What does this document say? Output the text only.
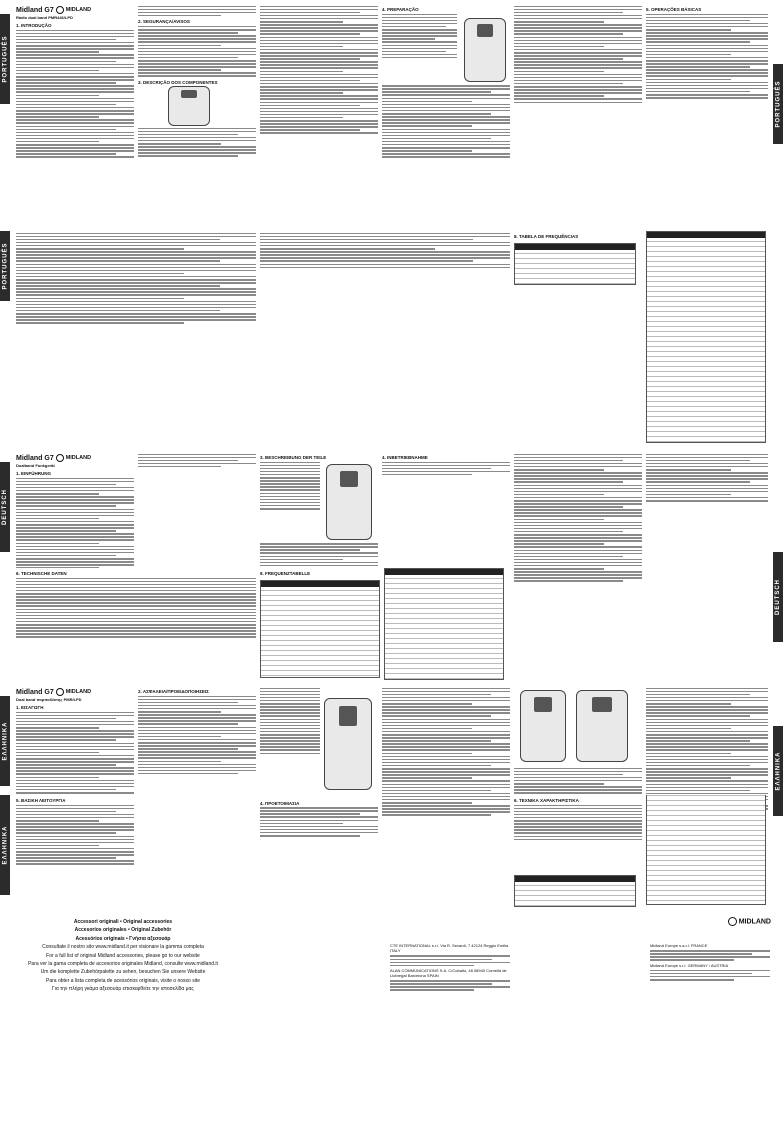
PORTUGUÊS
Midland G7 MIDLAND
Rádio dual band PMR446/LPD
1. INTRODUÇÃO
2. SEGURANÇA/AVISOS
3. DESCRIÇÃO DOS COMPONENTES
4. PREPARAÇÃO	5. OPERAÇÕES BÁSICAS
PORTUGUÊS
PORTUGUÊS
8. TABELA DE FREQUÊNCIAS
DEUTSCH
Midland G7 MIDLAND
Dualband Funkgerät
1. EINFÜHRUNG
3. BESCHREIBUNG DER TEILE	4. INBETRIEBNAHME
DEUTSCH
6. TECHNISCHE DATEN	8. FREQUENZTABELLE
ΕΛΛΗΝΙΚΑ
Midland G7 MIDLAND
Dual band πομποδέκτης PMR/LPD
1. ΕΙΣΑΓΩΓΗ
2. ΑΣΦΑΛΕΙΑ/ΠΡΟΕΙΔΟΠΟΙΗΣΕΙΣ
4. ΠΡΟΕΤΟΙΜΑΣΙΑ
ΕΛΛΗΝΙΚΑ
ΕΛΛΗΝΙΚΑ
5. ΒΑΣΙΚΗ ΛΕΙΤΟΥΡΓΙΑ	6. ΤΕΧΝΙΚΑ ΧΑΡΑΚΤΗΡΙΣΤΙΚΑ
Accessori originali • Original accessories
Accesorios originales • Original Zubehör
Acessórios originais • Γνήσια αξεσουάρ
Consultate il nostro sito www.midland.it per visionare la gamma completa
For a full list of original Midland accessories, please go to our website
Para ver la gama completa de accesorios originales Midland, consulte www.midland.it
Um die komplette Zubehörpalette zu sehen, besuchen Sie unsere Website
Para obter a lista completa de acessórios originais, visite o nosso site
Για την πλήρη γκάμα αξεσουάρ επισκεφθείτε την ιστοσελίδα μας
MIDLAND
CTE INTERNATIONAL s.r.l. Via R. Sevardi, 7 42124 Reggio Emilia ITALY
ALAN COMMUNICATIONS S.A. C/Cobalto, 48 08940 Cornellá de Llobregat Barcelona SPAIN
Midland Europe s.a.r.l. FRANCE
Midland Europe s.r.l. GERMANY / AUSTRIA
